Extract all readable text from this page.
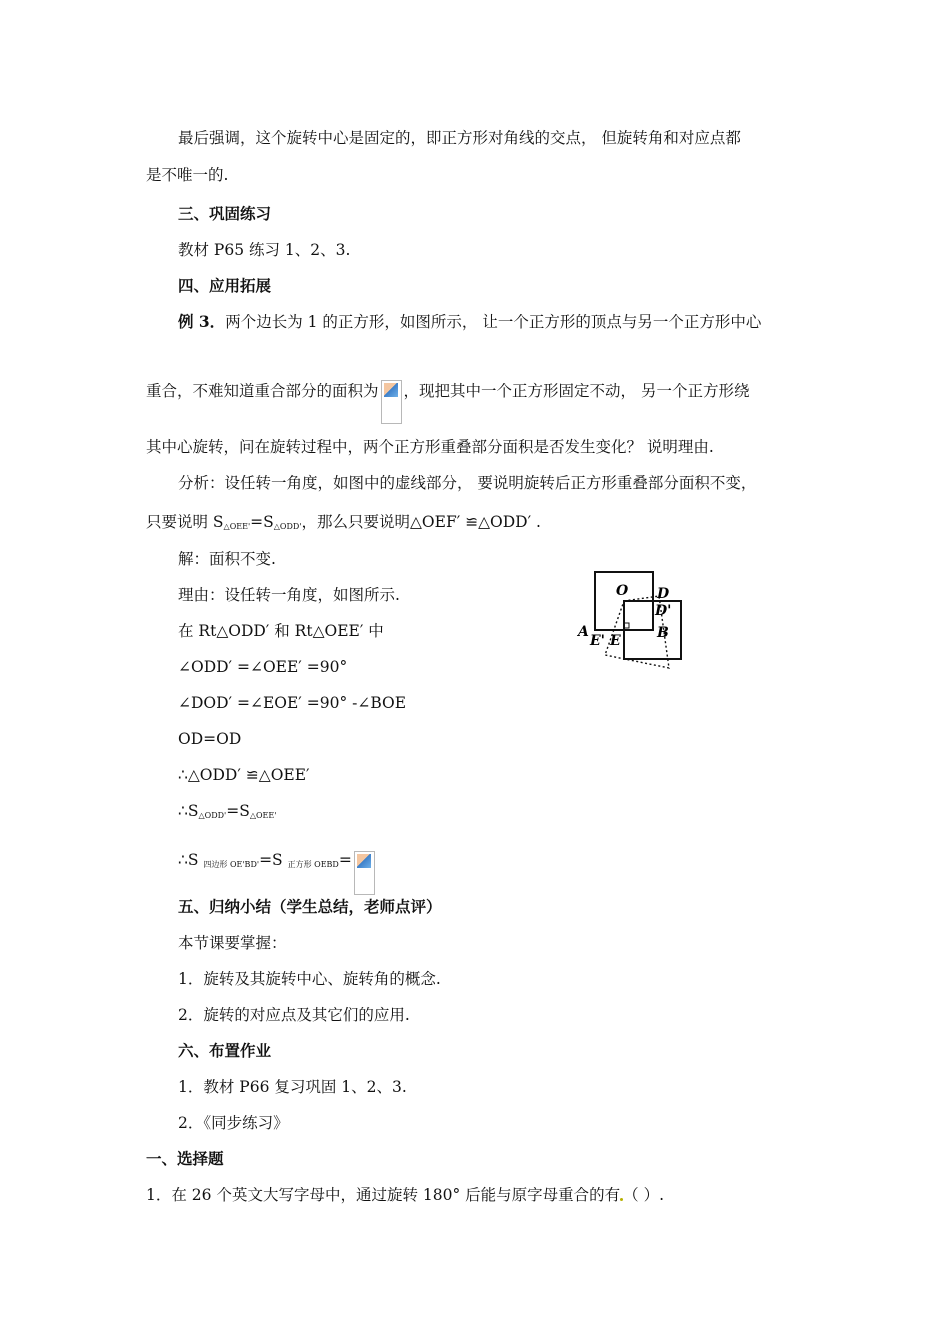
最后强调，这个旋转中心是固定的，即正方形对角线的交点， 但旋转角和对应点都
是不唯一的.
三、巩固练习
教材 P65 练习 1、2、3.
四、应用拓展
例 3．两个边长为 1 的正方形，如图所示， 让一个正方形的顶点与另一个正方形中心
重合，不难知道重合部分的面积为 ，现把其中一个正方形固定不动， 另一个正方形绕
其中心旋转，问在旋转过程中，两个正方形重叠部分面积是否发生变化？ 说明理由.
分析：设任转一角度，如图中的虚线部分， 要说明旋转后正方形重叠部分面积不变，
只要说明 $S_{\triangle OEE'}=S_{\triangle ODD'}$，那么只要说明△OEF′ ≌△ODD′ .
解：面积不变.
理由：设任转一角度，如图所示.
在 Rt△ODD′ 和 Rt△OEE′ 中
∠ODD′ =∠OEE′ =90°
∠DOD′ =∠EOE′ =90° -∠BOE
OD=OD
∴△ODD′ ≌△OEE′
$\therefore S_{\triangle ODD'}=S_{\triangle OEE'}$
∴S $_{四边形 OE'BD'}$=S $_{正方形 OEBD}$=
五、归纳小结（学生总结，老师点评）
本节课要掌握：
1．旋转及其旋转中心、旋转角的概念.
2．旋转的对应点及其它们的应用.
六、布置作业
1．教材 P66 复习巩固 1、2、3.
2．《同步练习》
一、选择题
1．在 26 个英文大写字母中，通过旋转 180° 后能与原字母重合的有 （ ）.
O D
D'
A
E' E	B
